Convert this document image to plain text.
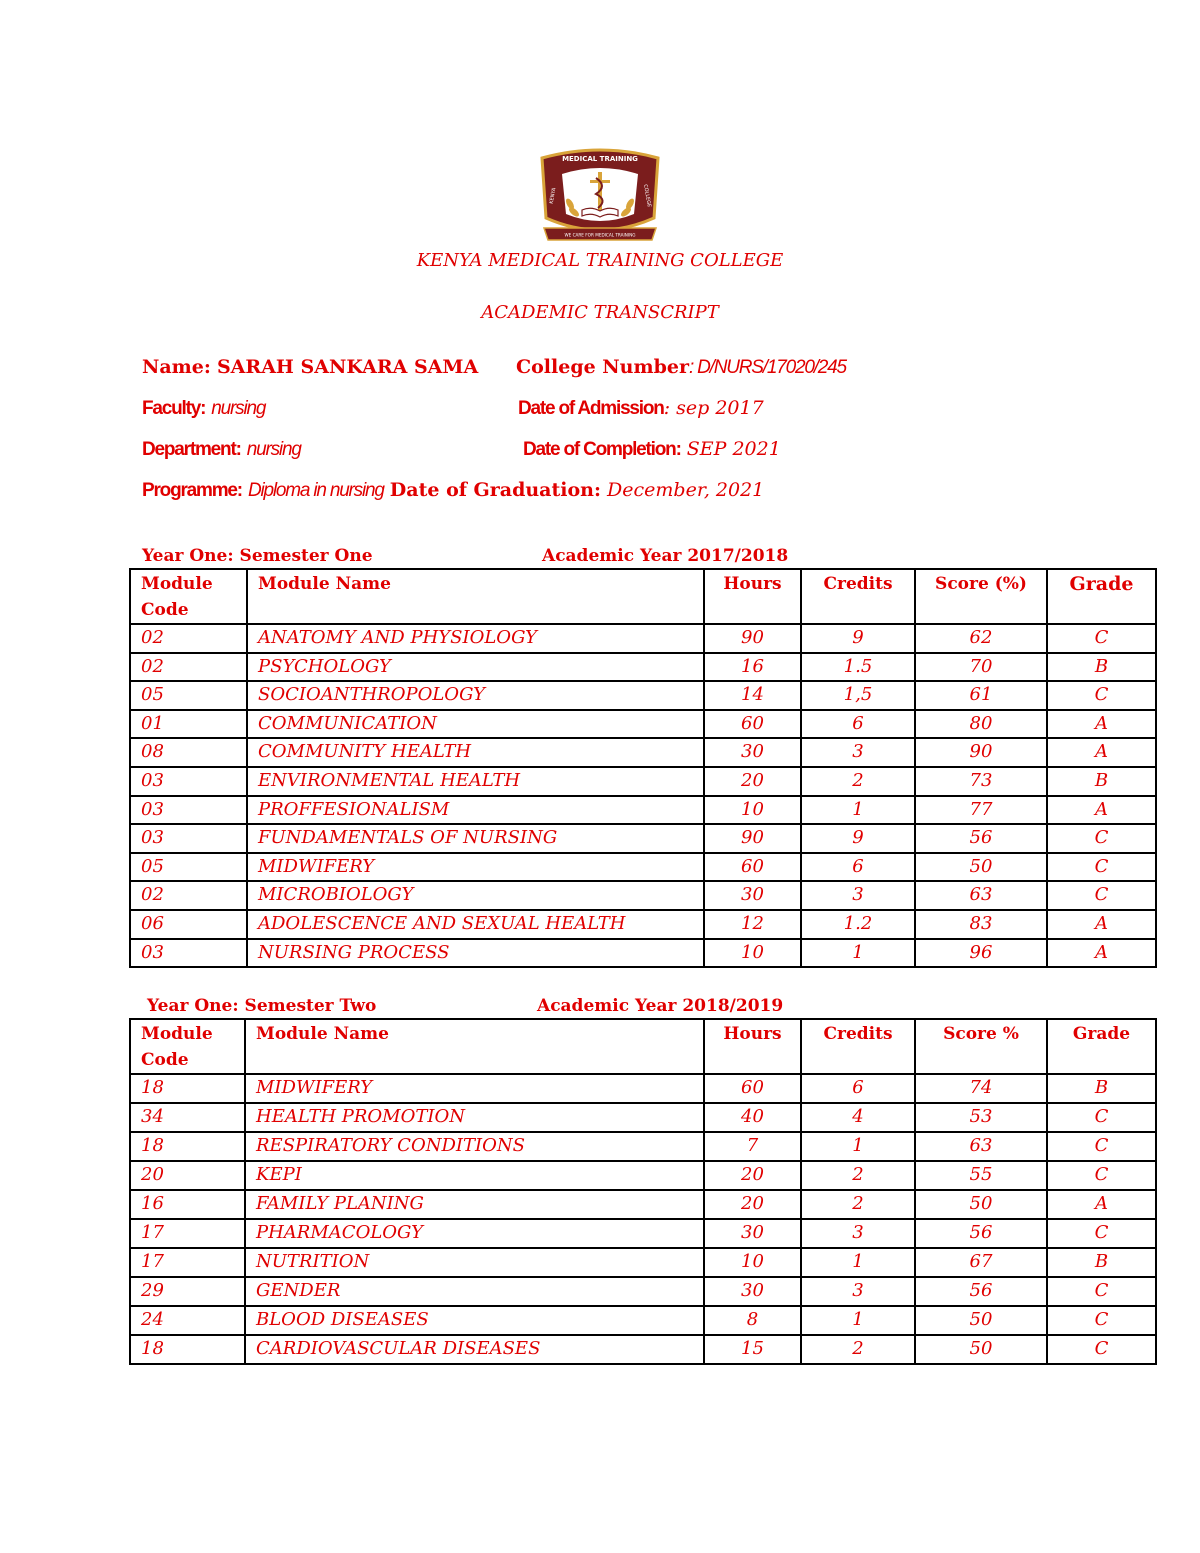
MEDICAL TRAINING
KENYA	COLLEGE
WE CARE FOR MEDICAL TRAINING
KENYA MEDICAL TRAINING COLLEGE
ACADEMIC TRANSCRIPT
Name: SARAH SANKARA SAMA College Number: D/NURS/17020/245
Faculty: nursing	Date of Admission: sep 2017
Department: nursing	Date of Completion: SEP 2021
Programme: Diploma in nursing Date of Graduation: December, 2021
Year One: Semester One	Academic Year 2017/2018
Module Code	Module Name	Hours	Credits	Score (%)	Grade
02	ANATOMY AND PHYSIOLOGY	90	9	62	C
02	PSYCHOLOGY	16	1.5	70	B
05	SOCIOANTHROPOLOGY	14	1,5	61	C
01	COMMUNICATION	60	6	80	A
08	COMMUNITY HEALTH	30	3	90	A
03	ENVIRONMENTAL HEALTH	20	2	73	B
03	PROFFESIONALISM	10	1	77	A
03	FUNDAMENTALS OF NURSING	90	9	56	C
05	MIDWIFERY	60	6	50	C
02	MICROBIOLOGY	30	3	63	C
06	ADOLESCENCE AND SEXUAL HEALTH	12	1.2	83	A
03	NURSING PROCESS	10	1	96	A
Year One: Semester Two	Academic Year 2018/2019
Module Code	Module Name	Hours	Credits	Score %	Grade
18	MIDWIFERY	60	6	74	B
34	HEALTH PROMOTION	40	4	53	C
18	RESPIRATORY CONDITIONS	7	1	63	C
20	KEPI	20	2	55	C
16	FAMILY PLANING	20	2	50	A
17	PHARMACOLOGY	30	3	56	C
17	NUTRITION	10	1	67	B
29	GENDER	30	3	56	C
24	BLOOD DISEASES	8	1	50	C
18	CARDIOVASCULAR DISEASES	15	2	50	C
